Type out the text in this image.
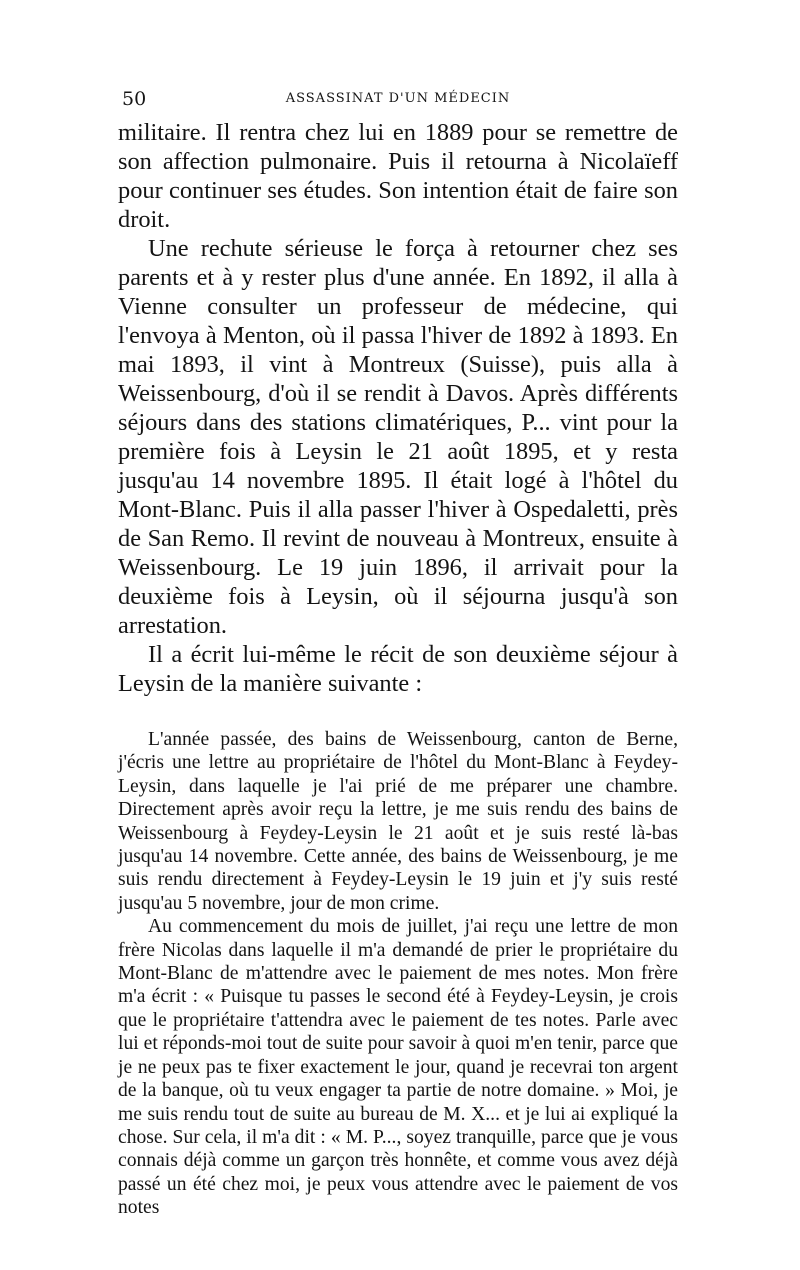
50	ASSASSINAT D'UN MÉDECIN

militaire. Il rentra chez lui en 1889 pour se remettre de son affection pulmonaire. Puis il retourna à Nicolaïeff pour continuer ses études. Son intention était de faire son droit.

Une rechute sérieuse le força à retourner chez ses parents et à y rester plus d'une année. En 1892, il alla à Vienne consulter un professeur de médecine, qui l'envoya à Menton, où il passa l'hiver de 1892 à 1893. En mai 1893, il vint à Montreux (Suisse), puis alla à Weissenbourg, d'où il se rendit à Davos. Après différents séjours dans des stations climatériques, P... vint pour la première fois à Leysin le 21 août 1895, et y resta jusqu'au 14 novembre 1895. Il était logé à l'hôtel du Mont-Blanc. Puis il alla passer l'hiver à Ospedaletti, près de San Remo. Il revint de nouveau à Montreux, ensuite à Weissenbourg. Le 19 juin 1896, il arrivait pour la deuxième fois à Leysin, où il séjourna jusqu'à son arrestation.

Il a écrit lui-même le récit de son deuxième séjour à Leysin de la manière suivante :

L'année passée, des bains de Weissenbourg, canton de Berne, j'écris une lettre au propriétaire de l'hôtel du Mont-Blanc à Feydey-Leysin, dans laquelle je l'ai prié de me préparer une chambre. Directement après avoir reçu la lettre, je me suis rendu des bains de Weissenbourg à Feydey-Leysin le 21 août et je suis resté là-bas jusqu'au 14 novembre. Cette année, des bains de Weissenbourg, je me suis rendu directement à Feydey-Leysin le 19 juin et j'y suis resté jusqu'au 5 novembre, jour de mon crime.

Au commencement du mois de juillet, j'ai reçu une lettre de mon frère Nicolas dans laquelle il m'a demandé de prier le propriétaire du Mont-Blanc de m'attendre avec le paiement de mes notes. Mon frère m'a écrit : « Puisque tu passes le second été à Feydey-Leysin, je crois que le propriétaire t'attendra avec le paiement de tes notes. Parle avec lui et réponds-moi tout de suite pour savoir à quoi m'en tenir, parce que je ne peux pas te fixer exactement le jour, quand je recevrai ton argent de la banque, où tu veux engager ta partie de notre domaine. » Moi, je me suis rendu tout de suite au bureau de M. X... et je lui ai expliqué la chose. Sur cela, il m'a dit : « M. P..., soyez tranquille, parce que je vous connais déjà comme un garçon très honnête, et comme vous avez déjà passé un été chez moi, je peux vous attendre avec le paiement de vos notes
